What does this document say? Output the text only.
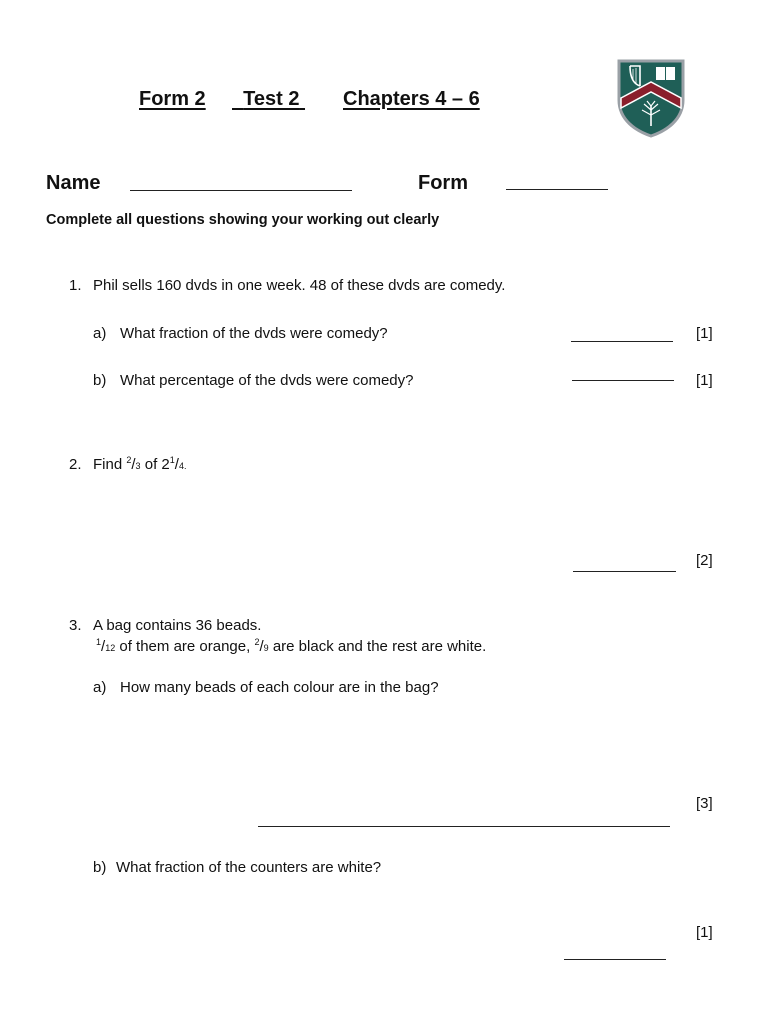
Form 2	Test 2 Chapters 4 – 6
Name	Form
Complete all questions showing your working out clearly
1. Phil sells 160 dvds in one week. 48 of these dvds are comedy.
a) What fraction of the dvds were comedy?	[1]
b) What percentage of the dvds were comedy?	[1]
2. Find $^2$/3 of $2^1/4$.
[2]
3. A bag contains 36 beads.
$^1$/12 of them are orange, $^2$/9 are black and the rest are white.
a) How many beads of each colour are in the bag?
[3]
b) What fraction of the counters are white?
[1]
